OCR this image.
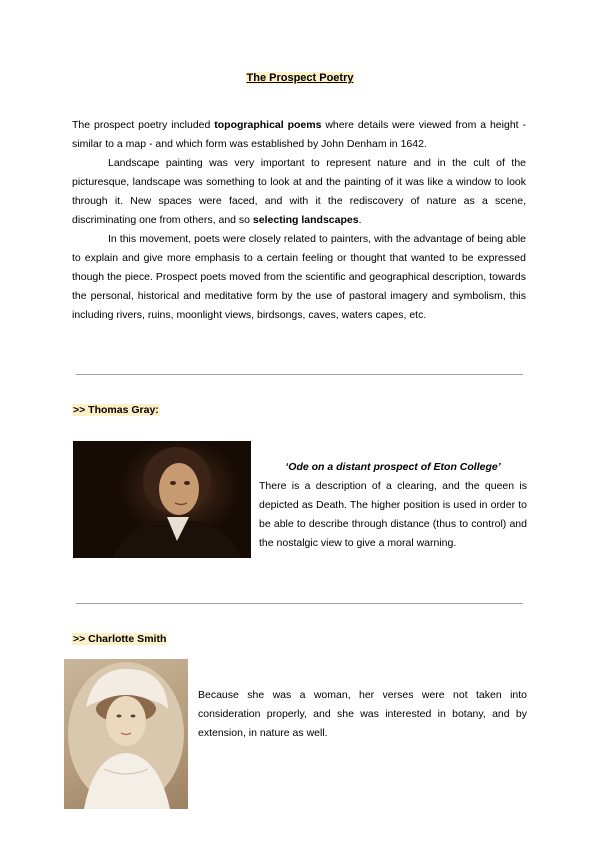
The Prospect Poetry

The prospect poetry included topographical poems where details were viewed from a height - similar to a map - and which form was established by John Denham in 1642.

Landscape painting was very important to represent nature and in the cult of the picturesque, landscape was something to look at and the painting of it was like a window to look through it. New spaces were faced, and with it the rediscovery of nature as a scene, discriminating one from others, and so selecting landscapes.

In this movement, poets were closely related to painters, with the advantage of being able to explain and give more emphasis to a certain feeling or thought that wanted to be expressed though the piece. Prospect poets moved from the scientific and geographical description, towards the personal, historical and meditative form by the use of pastoral imagery and symbolism, this including rivers, ruins, moonlight views, birdsongs, caves, waters capes, etc.

>> Thomas Gray:
‘Ode on a distant prospect of Eton College’

There is a description of a clearing, and the queen is depicted as Death. The higher position is used in order to be able to describe through distance (thus to control) and the nostalgic view to give a moral warning.

>> Charlotte Smith

Because she was a woman, her verses were not taken into consideration properly, and she was interested in botany, and by extension, in nature as well.
